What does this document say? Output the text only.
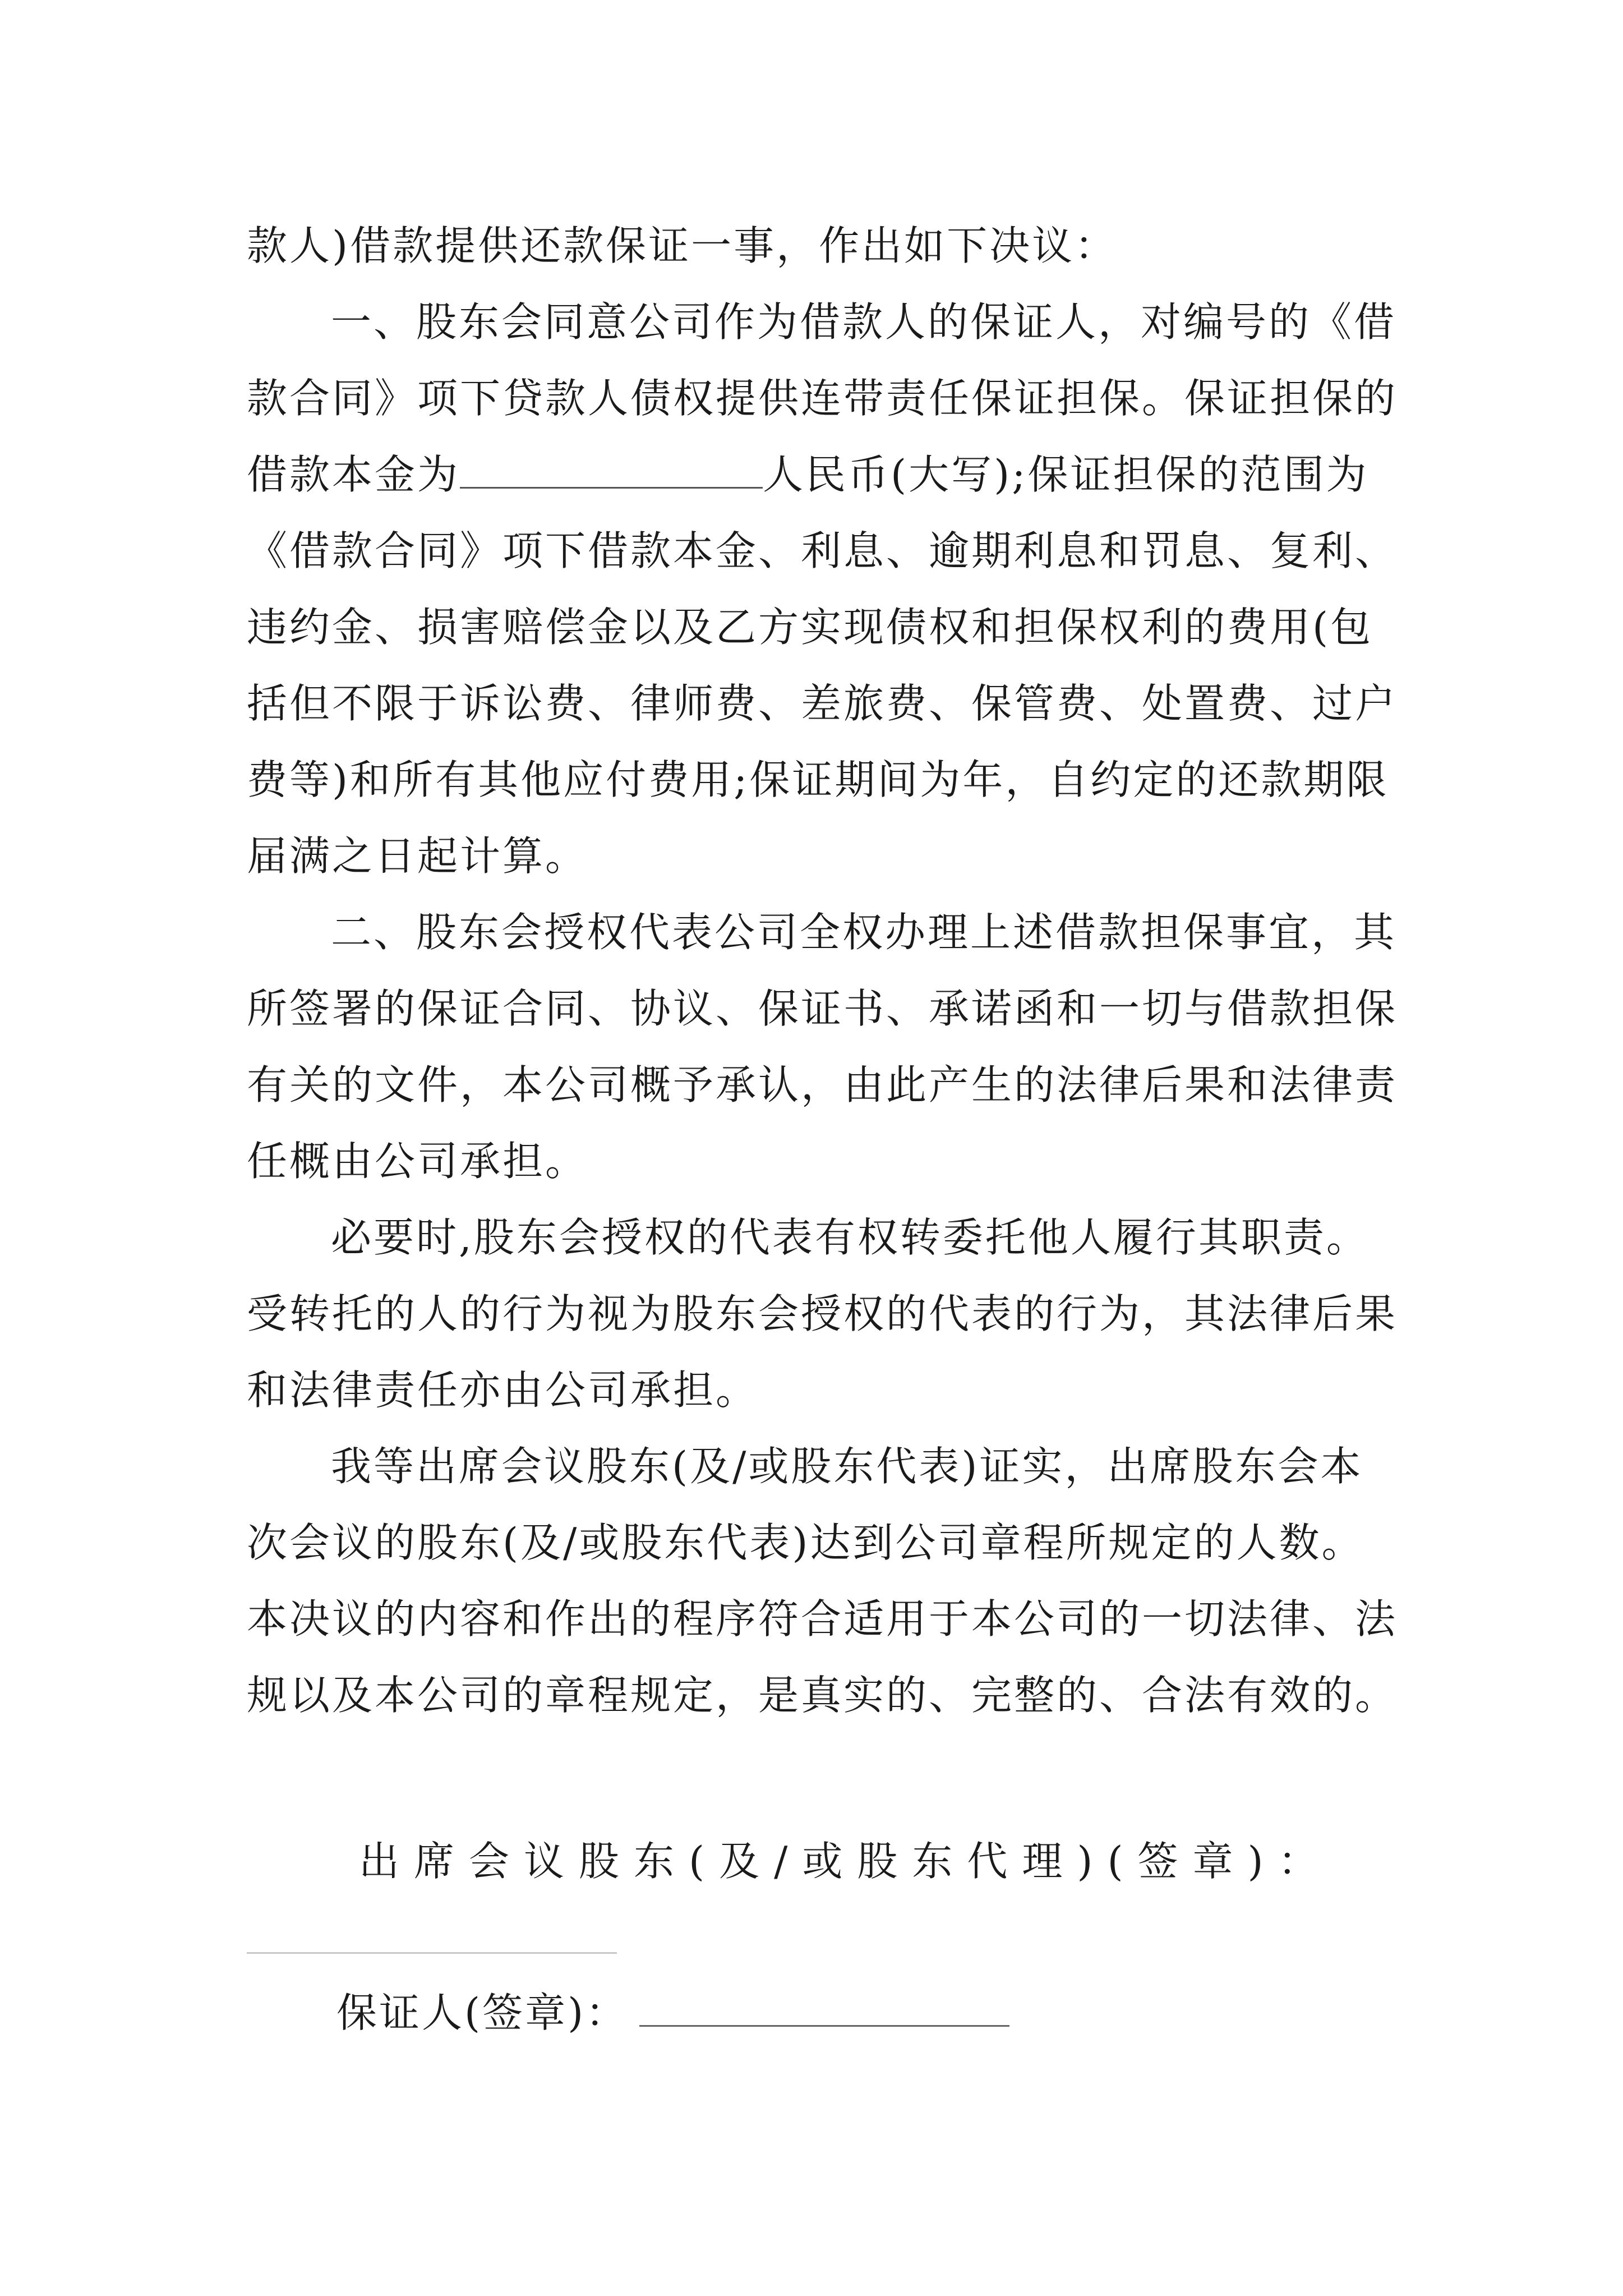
款人)借款提供还款保证一事，作出如下决议：

一、股东会同意公司作为借款人的保证人，对编号的《借款合同》项下贷款人债权提供连带责任保证担保。保证担保的借款本金为	人民币(大写);保证担保的范围为《借款合同》项下借款本金、利息、逾期利息和罚息、复利、违约金、损害赔偿金以及乙方实现债权和担保权利的费用(包括但不限于诉讼费、律师费、差旅费、保管费、处置费、过户费等)和所有其他应付费用;保证期间为年，自约定的还款期限届满之日起计算。

二、股东会授权代表公司全权办理上述借款担保事宜，其所签署的保证合同、协议、保证书、承诺函和一切与借款担保有关的文件，本公司概予承认，由此产生的法律后果和法律责任概由公司承担。

必要时,股东会授权的代表有权转委托他人履行其职责。受转托的人的行为视为股东会授权的代表的行为，其法律后果和法律责任亦由公司承担。

我等出席会议股东(及/或股东代表)证实，出席股东会本次会议的股东(及/或股东代表)达到公司章程所规定的人数。本决议的内容和作出的程序符合适用于本公司的一切法律、法规以及本公司的章程规定，是真实的、完整的、合法有效的。

出席会议股东(及/或股东代理)(签章)：

保证人(签章)：
